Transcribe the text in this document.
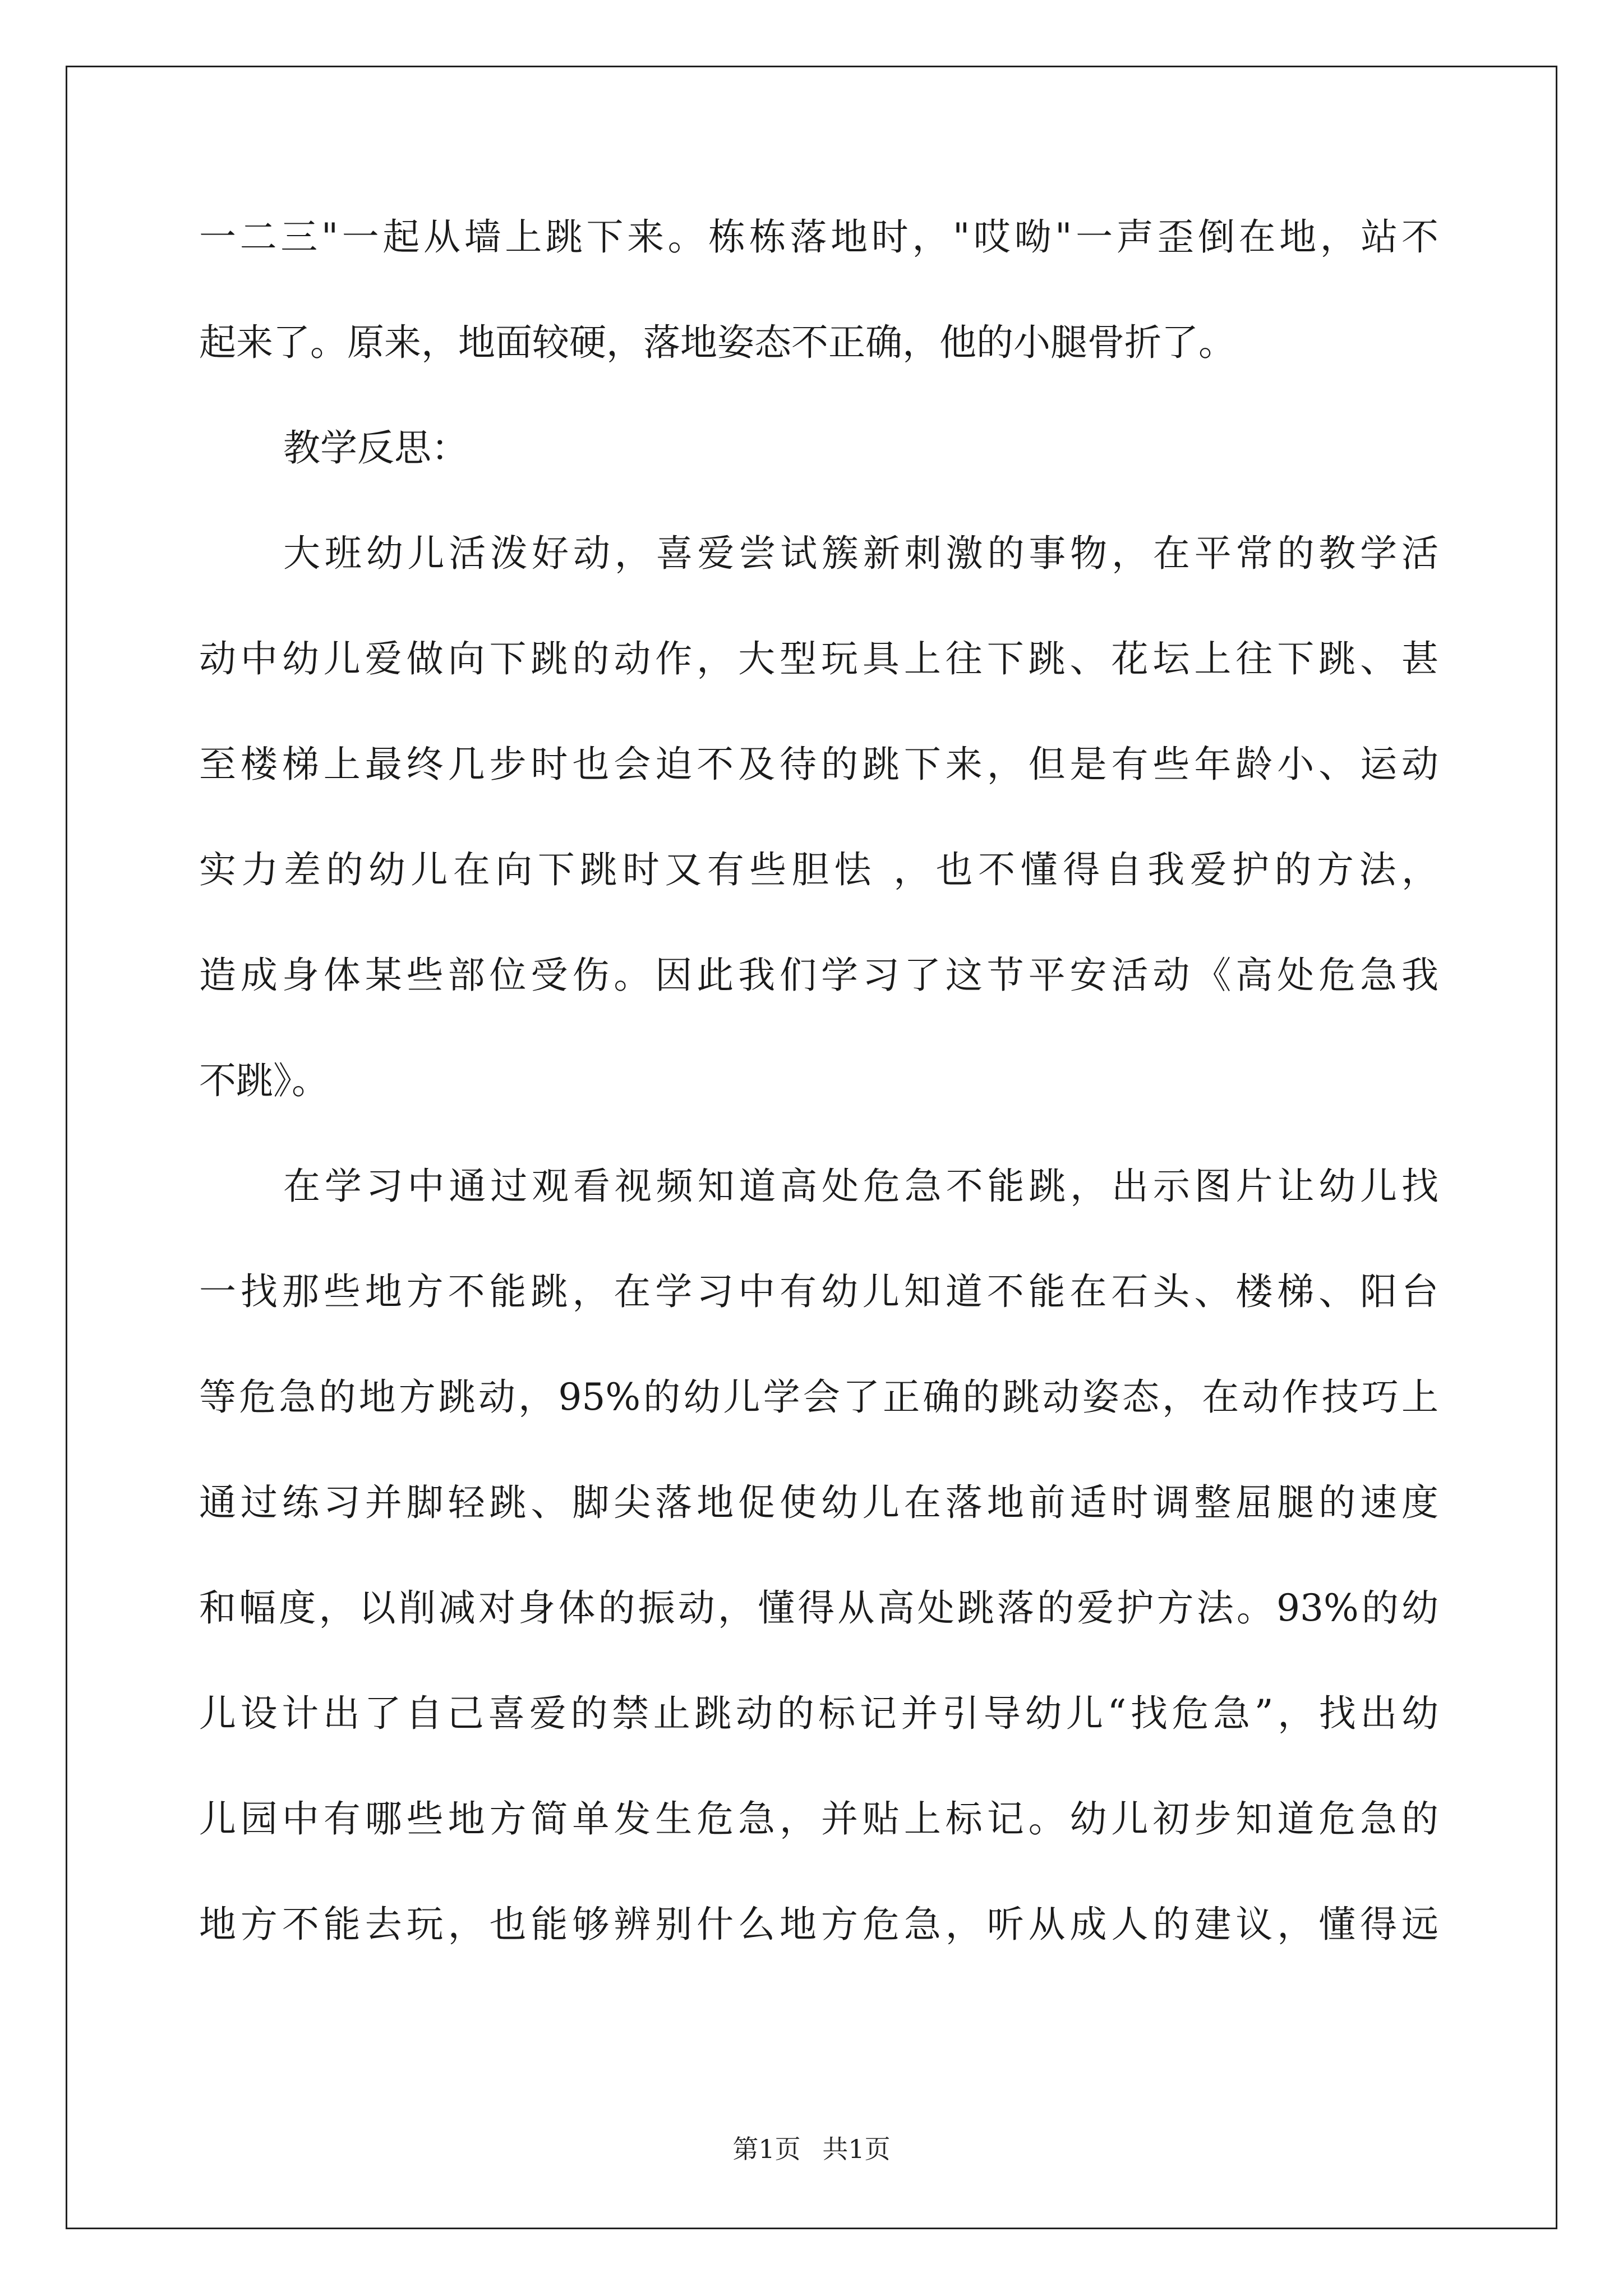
一二三"一起从墙上跳下来。栋栋落地时，"哎呦"一声歪倒在地，站不
起来了。原来，地面较硬，落地姿态不正确，他的小腿骨折了。
教学反思：
大班幼儿活泼好动，喜爱尝试簇新刺激的事物，在平常的教学活
动中幼儿爱做向下跳的动作，大型玩具上往下跳、花坛上往下跳、甚
至楼梯上最终几步时也会迫不及待的跳下来，但是有些年龄小、运动
实力差的幼儿在向下跳时又有些胆怯 ，也不懂得自我爱护的方法，
造成身体某些部位受伤。因此我们学习了这节平安活动《高处危急我
不跳》。
在学习中通过观看视频知道高处危急不能跳，出示图片让幼儿找
一找那些地方不能跳，在学习中有幼儿知道不能在石头、楼梯、阳台
等危急的地方跳动，95%的幼儿学会了正确的跳动姿态，在动作技巧上
通过练习并脚轻跳、脚尖落地促使幼儿在落地前适时调整屈腿的速度
和幅度，以削减对身体的振动，懂得从高处跳落的爱护方法。93%的幼
儿设计出了自己喜爱的禁止跳动的标记并引导幼儿“找危急”，找出幼
儿园中有哪些地方简单发生危急，并贴上标记。幼儿初步知道危急的
地方不能去玩，也能够辨别什么地方危急，听从成人的建议，懂得远
第1页 共1页
